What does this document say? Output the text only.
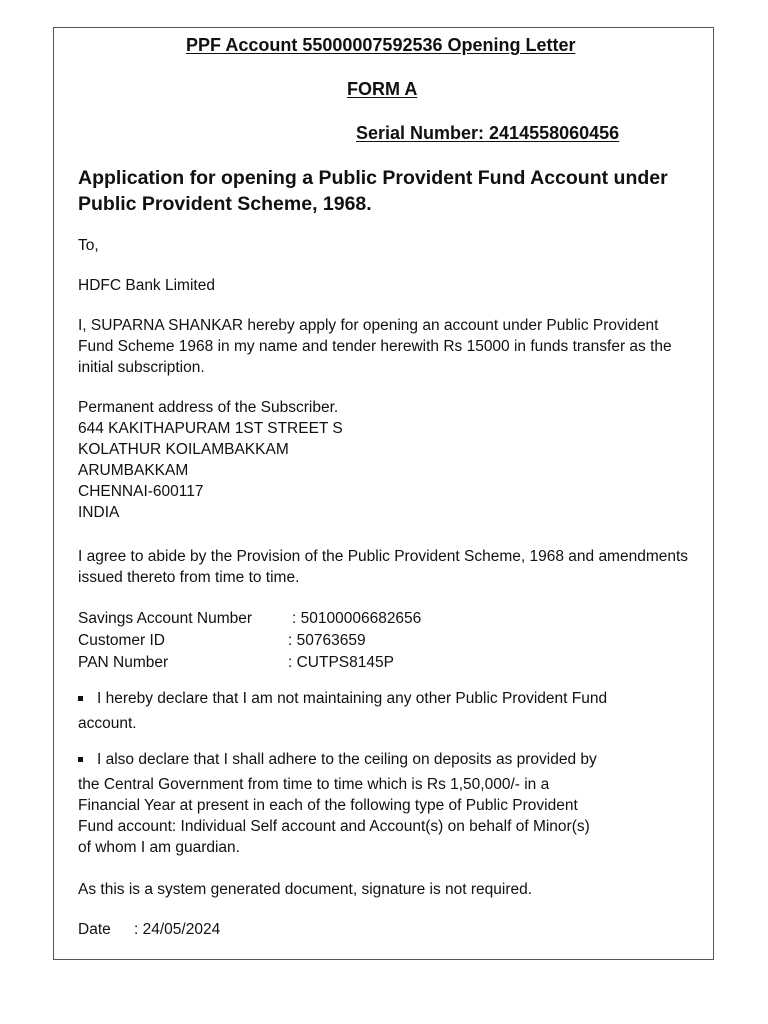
PPF Account 55000007592536 Opening Letter
FORM A
Serial Number: 2414558060456
Application for opening a Public Provident Fund Account under Public Provident Scheme, 1968.
To,
HDFC Bank Limited
I, SUPARNA SHANKAR hereby apply for opening an account under Public Provident Fund Scheme 1968 in my name and tender herewith Rs 15000 in funds transfer as the initial subscription.
Permanent address of the Subscriber.
644 KAKITHAPURAM 1ST STREET S
KOLATHUR KOILAMBAKKAM
ARUMBAKKAM
CHENNAI-600117
INDIA
I agree to abide by the Provision of the Public Provident Scheme, 1968 and amendments issued thereto from time to time.
Savings Account Number	: 50100006682656
Customer ID	: 50763659
PAN Number	: CUTPS8145P
I hereby declare that I am not maintaining any other Public Provident Fund
account.
I also declare that I shall adhere to the ceiling on deposits as provided by
the Central Government from time to time which is Rs 1,50,000/- in a
Financial Year at present in each of the following type of Public Provident
Fund account: Individual Self account and Account(s) on behalf of Minor(s)
of whom I am guardian.
As this is a system generated document, signature is not required.
Date : 24/05/2024
